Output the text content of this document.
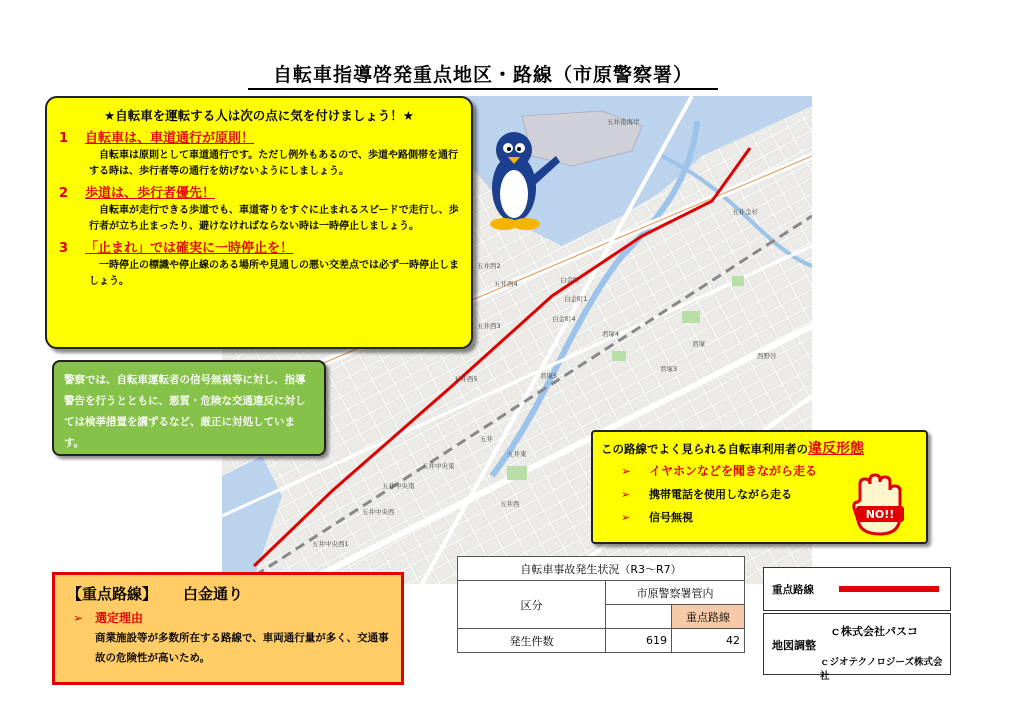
自転車指導啓発重点地区・路線（市原警察署）
五井西2
五井西4
五井西3
五井西5
白金町
白金町1
白金町4
君塚4
君塚5
君塚3
君塚
五井中央西
五井中央西1
五井中央南
五井中央東
五井
五井東
西野谷
五井金杉
五井南海岸
五井西
★自転車を運転する人は次の点に気を付けましょう！★
1 自転車は、車道通行が原則！
自転車は原則として車道通行です。ただし例外もあるので、歩道や路側帯を通行する時は、歩行者等の通行を妨げないようにしましょう。
2 歩道は、歩行者優先！
自転車が走行できる歩道でも、車道寄りをすぐに止まれるスピードで走行し、歩行者が立ち止まったり、避けなければならない時は一時停止しましょう。
3 「止まれ」では確実に一時停止を！
一時停止の標識や停止線のある場所や見通しの悪い交差点では必ず一時停止しましょう。
警察では、自転車運転者の信号無視等に対し、指導警告を行うとともに、悪質・危険な交通違反に対しては検挙措置を講ずるなど、厳正に対処しています。	この路線でよく見られる自転車利用者の違反形態
➢ イヤホンなどを聞きながら走る
➢ 携帯電話を使用しながら走る
➢ 信号無視	NO!!
【重点路線】 白金通り
➢ 選定理由
商業施設等が多数所在する路線で、車両通行量が多く、交通事故の危険性が高いため。
自転車事故発生状況（R3～R7）		
区分	市原警察署管内	
		重点路線
発生件数	619	42
重点路線
ｃ株式会社パスコ
地図調整
ｃジオテクノロジーズ株式会社
